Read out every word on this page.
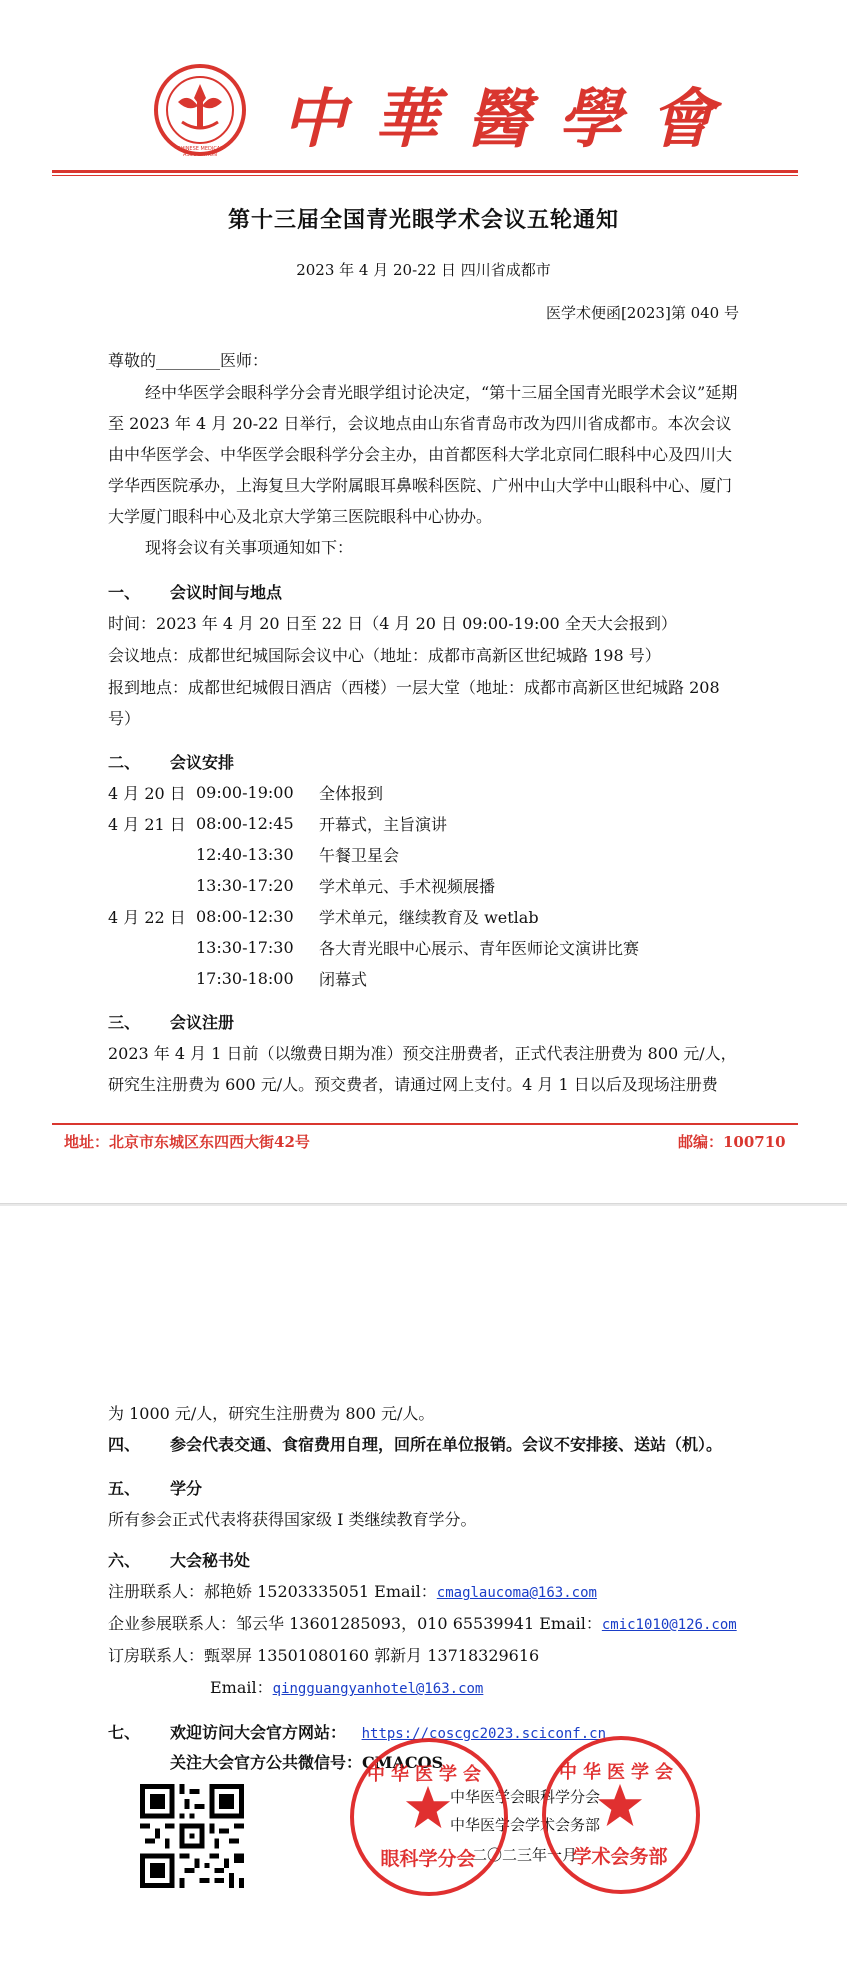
CHINESE MEDICAL ASSOCIATION	中華醫學會
第十三届全国青光眼学术会议五轮通知
2023 年 4 月 20-22 日 四川省成都市
医学术便函[2023]第 040 号
尊敬的________医师：
经中华医学会眼科学分会青光眼学组讨论决定，“第十三届全国青光眼学术会议”延期至 2023 年 4 月 20-22 日举行，会议地点由山东省青岛市改为四川省成都市。本次会议由中华医学会、中华医学会眼科学分会主办，由首都医科大学北京同仁眼科中心及四川大学华西医院承办，上海复旦大学附属眼耳鼻喉科医院、广州中山大学中山眼科中心、厦门大学厦门眼科中心及北京大学第三医院眼科中心协办。
现将会议有关事项通知如下：
一、 会议时间与地点
时间：2023 年 4 月 20 日至 22 日（4 月 20 日 09:00-19:00 全天大会报到）
会议地点：成都世纪城国际会议中心（地址：成都市高新区世纪城路 198 号）
报到地点：成都世纪城假日酒店（西楼）一层大堂（地址：成都市高新区世纪城路 208 号）
二、 会议安排
4 月 20 日	09:00-19:00	全体报到
4 月 21 日	08:00-12:45	开幕式，主旨演讲
	12:40-13:30	午餐卫星会
	13:30-17:20	学术单元、手术视频展播
4 月 22 日	08:00-12:30	学术单元，继续教育及 wetlab
	13:30-17:30	各大青光眼中心展示、青年医师论文演讲比赛
	17:30-18:00	闭幕式
三、 会议注册
2023 年 4 月 1 日前（以缴费日期为准）预交注册费者，正式代表注册费为 800 元/人，研究生注册费为 600 元/人。预交费者，请通过网上支付。4 月 1 日以后及现场注册费
地址：北京市东城区东四西大街42号	邮编：100710
为 1000 元/人，研究生注册费为 800 元/人。
四、 参会代表交通、食宿费用自理，回所在单位报销。会议不安排接、送站（机）。
五、 学分
所有参会正式代表将获得国家级 I 类继续教育学分。
六、 大会秘书处
注册联系人：郝艳娇 15203335051 Email：cmaglaucoma@163.com
企业参展联系人：邹云华 13601285093，010 65539941 Email：cmic1010@126.com
订房联系人：甄翠屏 13501080160 郭新月 13718329616
Email：qingguangyanhotel@163.com
七、 欢迎访问大会官方网站： https://coscgc2023.sciconf.cn
关注大会官方公共微信号：CMACOS
中华医学会眼科学分会
中华医学会学术会务部
二〇二三年一月
中华医学会
眼科学分会
中华医学会
学术会务部
